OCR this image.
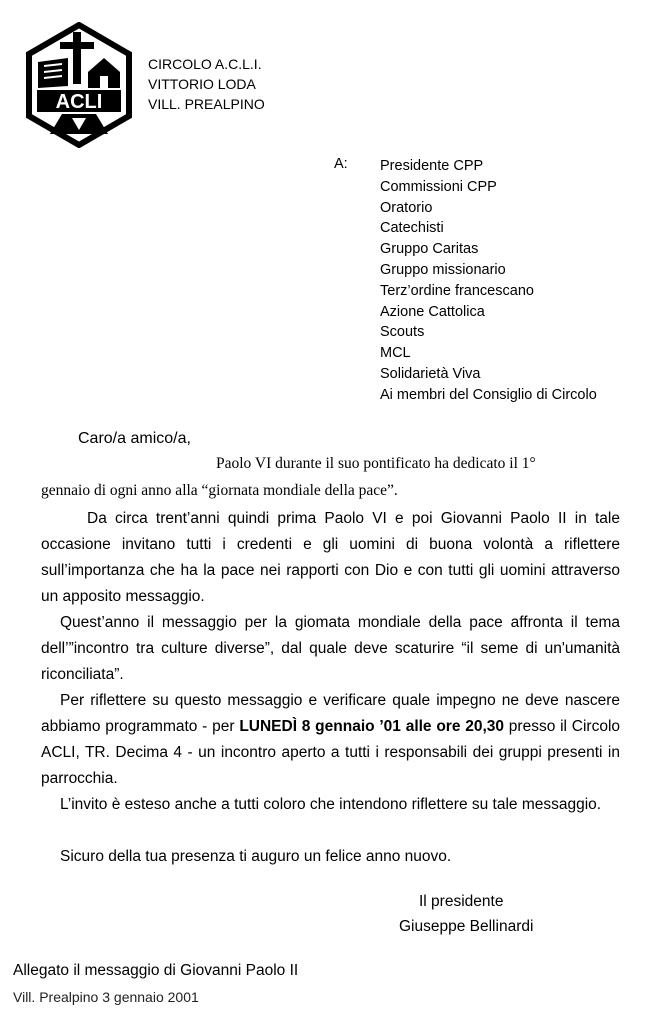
ACLI
CIRCOLO A.C.L.I.
VITTORIO LODA
VILL. PREALPINO
A: Presidente CPP
Commissioni CPP
Oratorio
Catechisti
Gruppo Caritas
Gruppo missionario
Terz’ordine francescano
Azione Cattolica
Scouts
MCL
Solidarietà Viva
Ai membri del Consiglio di Circolo
Caro/a amico/a,
Paolo VI durante il suo pontificato ha dedicato il 1°
gennaio di ogni anno alla “giornata mondiale della pace”.
Da circa trent’anni quindi prima Paolo VI e poi Giovanni Paolo II in tale occasione invitano tutti i credenti e gli uomini di buona volontà a riflettere sull’importanza che ha la pace nei rapporti con Dio e con tutti gli uomini attraverso un apposito messaggio.
Quest’anno il messaggio per la giomata mondiale della pace affronta il tema dell’”incontro tra culture diverse”, dal quale deve scaturire “il seme di un'umanità riconciliata”.
Per riflettere su questo messaggio e verificare quale impegno ne deve nascere abbiamo programmato - per LUNEDÌ 8 gennaio ’01 alle ore 20,30 presso il Circolo ACLI, TR. Decima 4 - un incontro aperto a tutti i responsabili dei gruppi presenti in parrocchia.
L’invito è esteso anche a tutti coloro che intendono riflettere su tale messaggio.
Sicuro della tua presenza ti auguro un felice anno nuovo.
Il presidente
Giuseppe Bellinardi
Allegato il messaggio di Giovanni Paolo II
Vill. Prealpino 3 gennaio 2001
